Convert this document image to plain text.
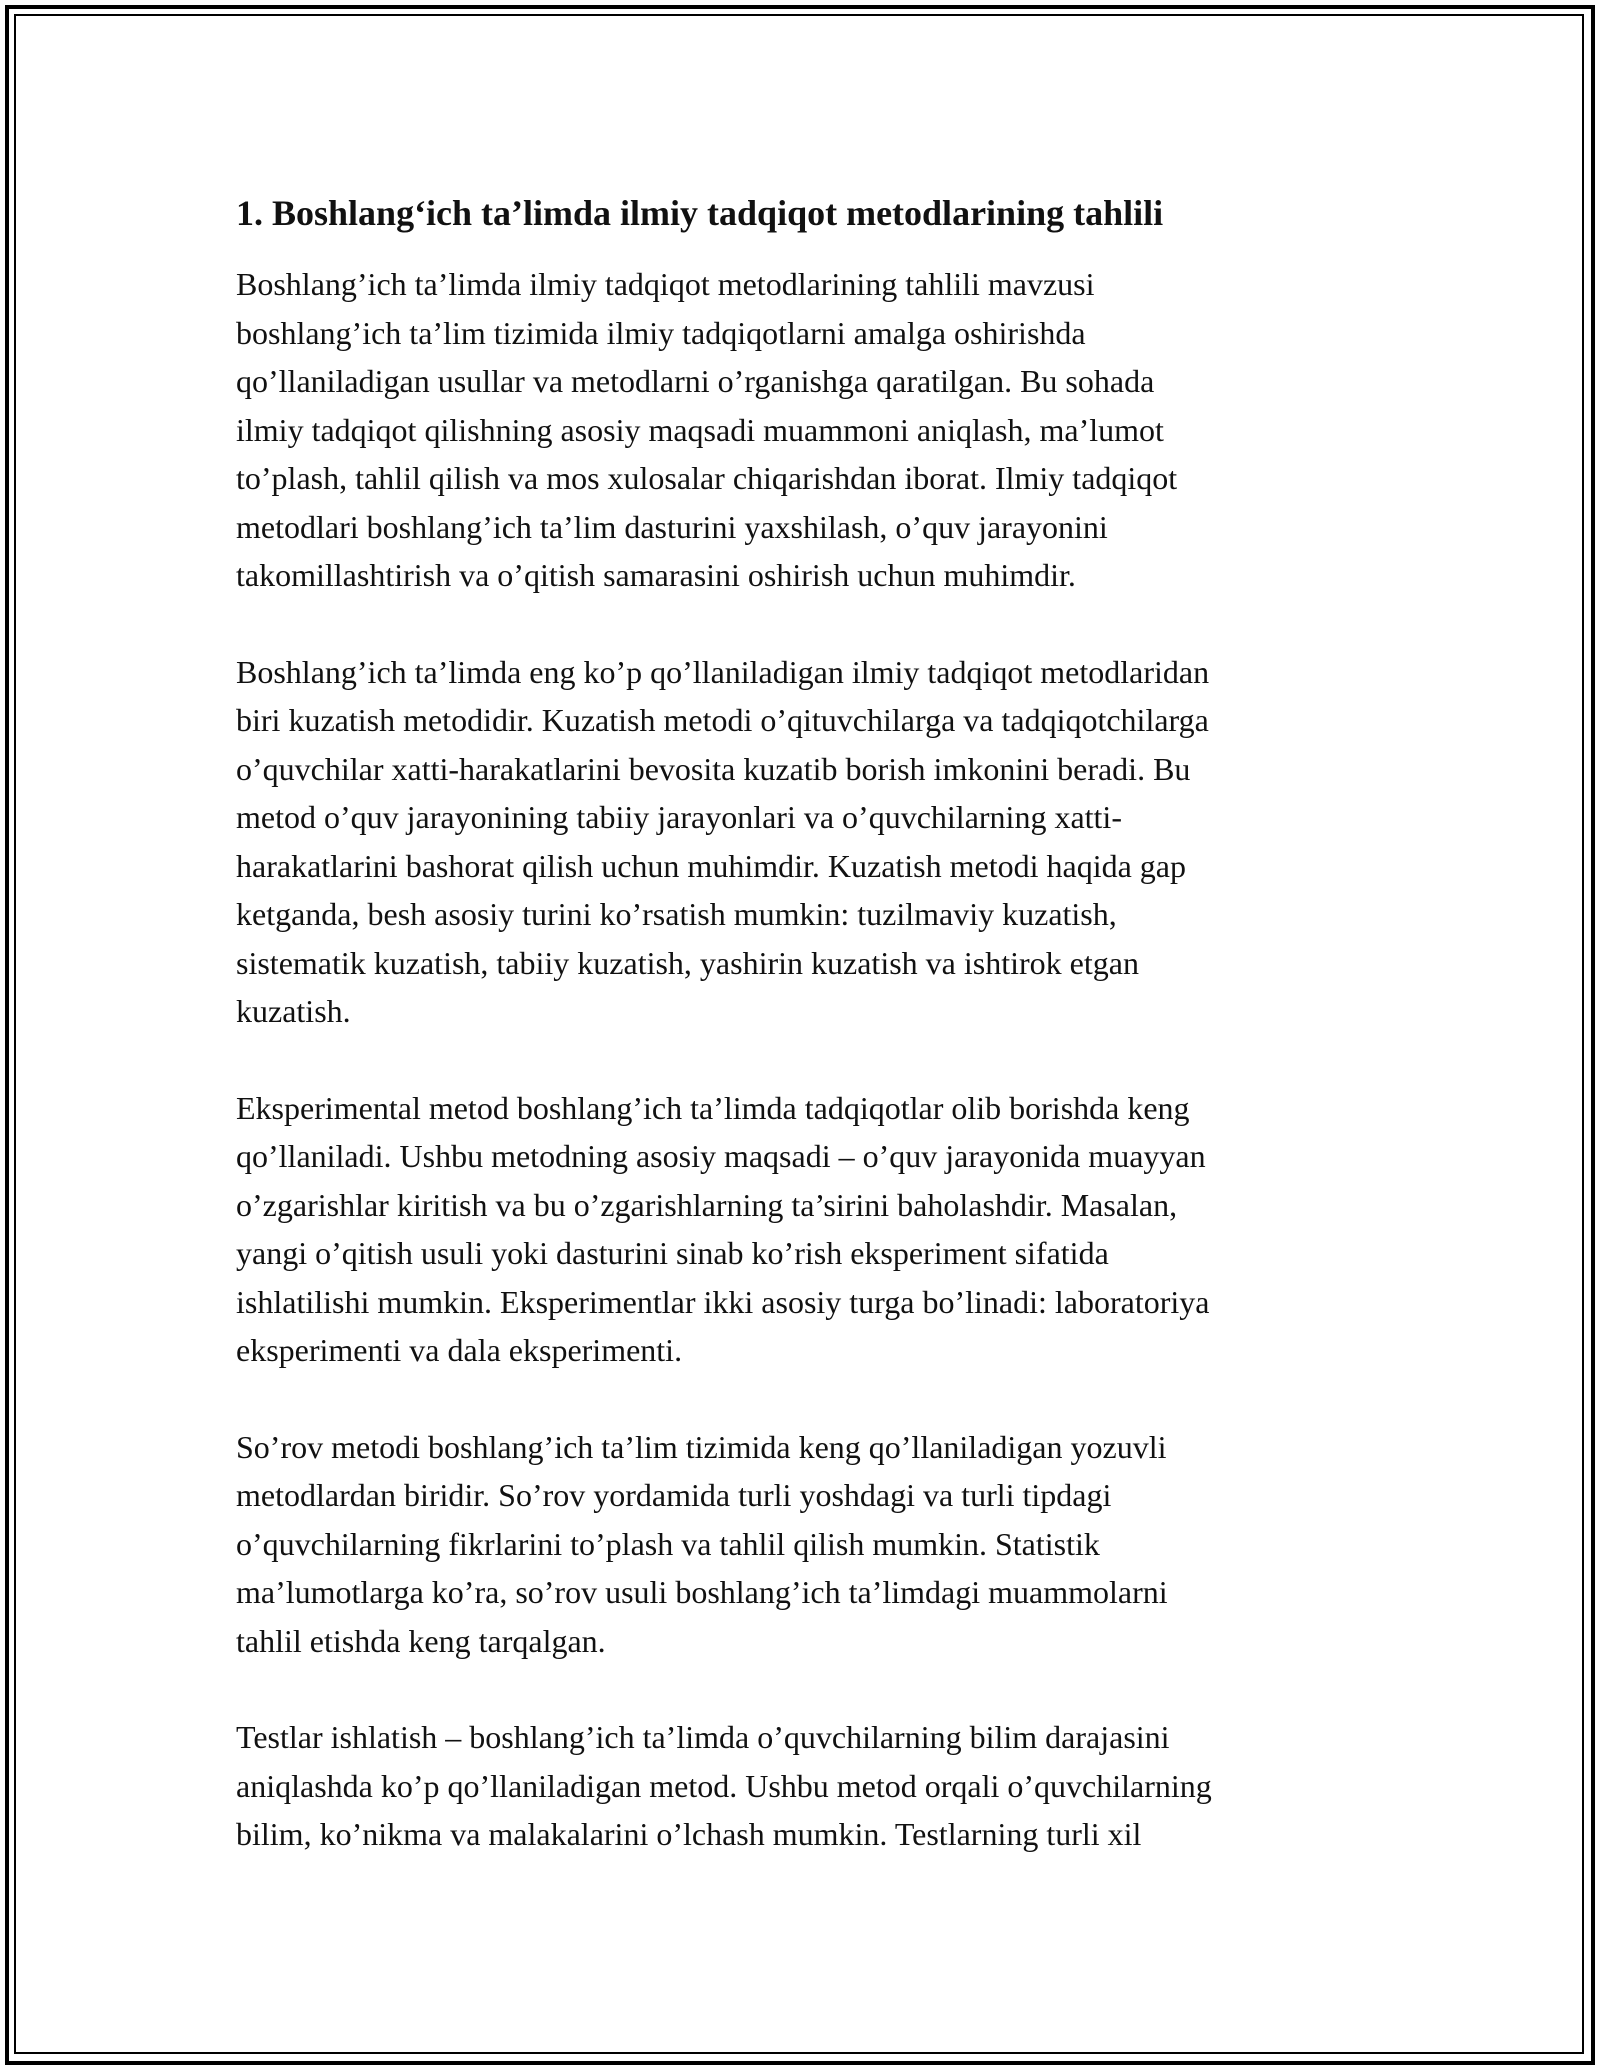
1. Boshlang‘ich ta’limda ilmiy tadqiqot metodlarining tahlili

Boshlang’ich ta’limda ilmiy tadqiqot metodlarining tahlili mavzusi
boshlang’ich ta’lim tizimida ilmiy tadqiqotlarni amalga oshirishda
qo’llaniladigan usullar va metodlarni o’rganishga qaratilgan. Bu sohada
ilmiy tadqiqot qilishning asosiy maqsadi muammoni aniqlash, ma’lumot
to’plash, tahlil qilish va mos xulosalar chiqarishdan iborat. Ilmiy tadqiqot
metodlari boshlang’ich ta’lim dasturini yaxshilash, o’quv jarayonini
takomillashtirish va o’qitish samarasini oshirish uchun muhimdir.

Boshlang’ich ta’limda eng ko’p qo’llaniladigan ilmiy tadqiqot metodlaridan
biri kuzatish metodidir. Kuzatish metodi o’qituvchilarga va tadqiqotchilarga
o’quvchilar xatti-harakatlarini bevosita kuzatib borish imkonini beradi. Bu
metod o’quv jarayonining tabiiy jarayonlari va o’quvchilarning xatti-
harakatlarini bashorat qilish uchun muhimdir. Kuzatish metodi haqida gap
ketganda, besh asosiy turini ko’rsatish mumkin: tuzilmaviy kuzatish,
sistematik kuzatish, tabiiy kuzatish, yashirin kuzatish va ishtirok etgan
kuzatish.

Eksperimental metod boshlang’ich ta’limda tadqiqotlar olib borishda keng
qo’llaniladi. Ushbu metodning asosiy maqsadi – o’quv jarayonida muayyan
o’zgarishlar kiritish va bu o’zgarishlarning ta’sirini baholashdir. Masalan,
yangi o’qitish usuli yoki dasturini sinab ko’rish eksperiment sifatida
ishlatilishi mumkin. Eksperimentlar ikki asosiy turga bo’linadi: laboratoriya
eksperimenti va dala eksperimenti.

So’rov metodi boshlang’ich ta’lim tizimida keng qo’llaniladigan yozuvli
metodlardan biridir. So’rov yordamida turli yoshdagi va turli tipdagi
o’quvchilarning fikrlarini to’plash va tahlil qilish mumkin. Statistik
ma’lumotlarga ko’ra, so’rov usuli boshlang’ich ta’limdagi muammolarni
tahlil etishda keng tarqalgan.

Testlar ishlatish – boshlang’ich ta’limda o’quvchilarning bilim darajasini
aniqlashda ko’p qo’llaniladigan metod. Ushbu metod orqali o’quvchilarning
bilim, ko’nikma va malakalarini o’lchash mumkin. Testlarning turli xil
